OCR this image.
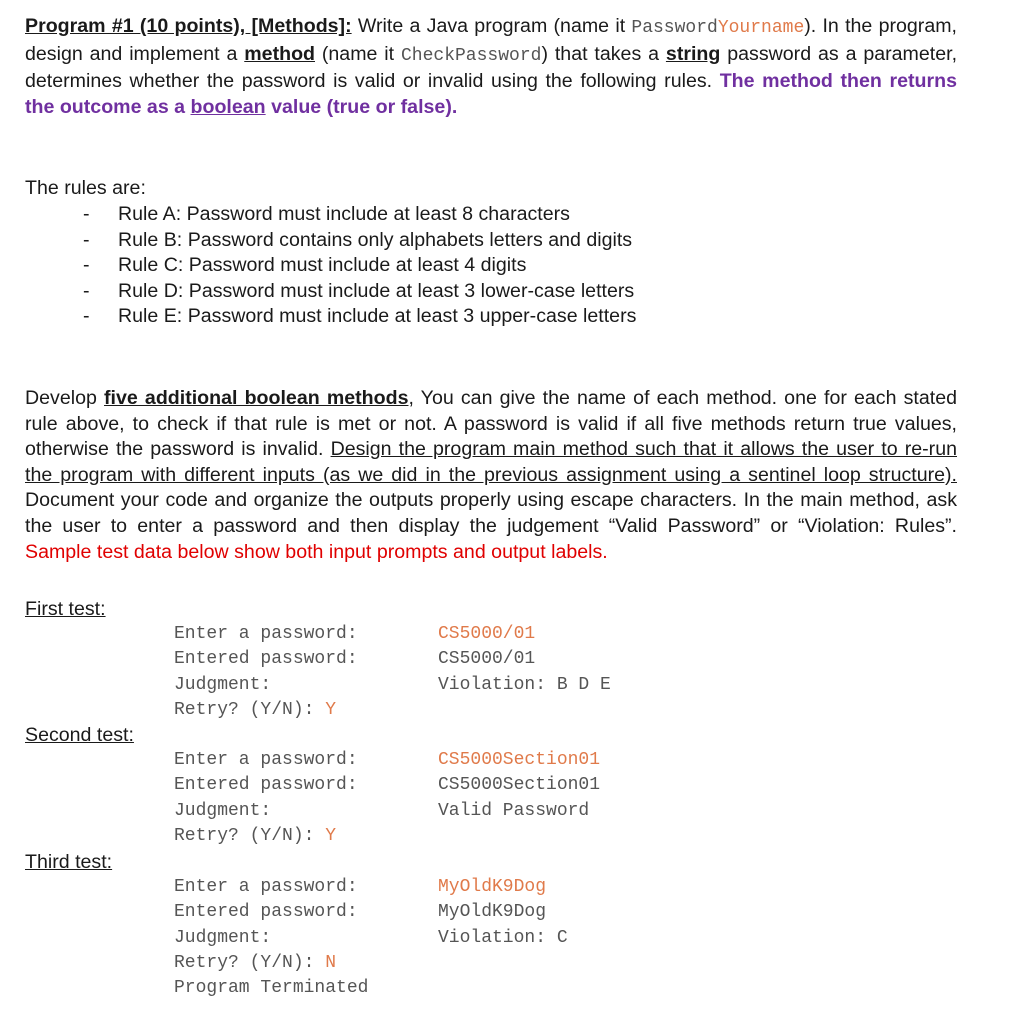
Program #1 (10 points), [Methods]: Write a Java program (name it PasswordYourname). In the program, design and implement a method (name it CheckPassword) that takes a string password as a parameter, determines whether the password is valid or invalid using the following rules. The method then returns the outcome as a boolean value (true or false).

The rules are:

- Rule A: Password must include at least 8 characters
- Rule B: Password contains only alphabets letters and digits
- Rule C: Password must include at least 4 digits
- Rule D: Password must include at least 3 lower-case letters
- Rule E: Password must include at least 3 upper-case letters

Develop five additional boolean methods, You can give the name of each method. one for each stated rule above, to check if that rule is met or not. A password is valid if all five methods return true values, otherwise the password is invalid. Design the program main method such that it allows the user to re-run the program with different inputs (as we did in the previous assignment using a sentinel loop structure). Document your code and organize the outputs properly using escape characters. In the main method, ask the user to enter a password and then display the judgement “Valid Password” or “Violation: Rules”. Sample test data below show both input prompts and output labels.

First test:
Enter a password:	CS5000/01
Entered password:	CS5000/01
Judgment:	Violation: B D E
Retry? (Y/N): Y
Second test:
Enter a password:	CS5000Section01
Entered password:	CS5000Section01
Judgment:	Valid Password
Retry? (Y/N): Y
Third test:
Enter a password:	MyOldK9Dog
Entered password:	MyOldK9Dog
Judgment:	Violation: C
Retry? (Y/N): N
Program Terminated
